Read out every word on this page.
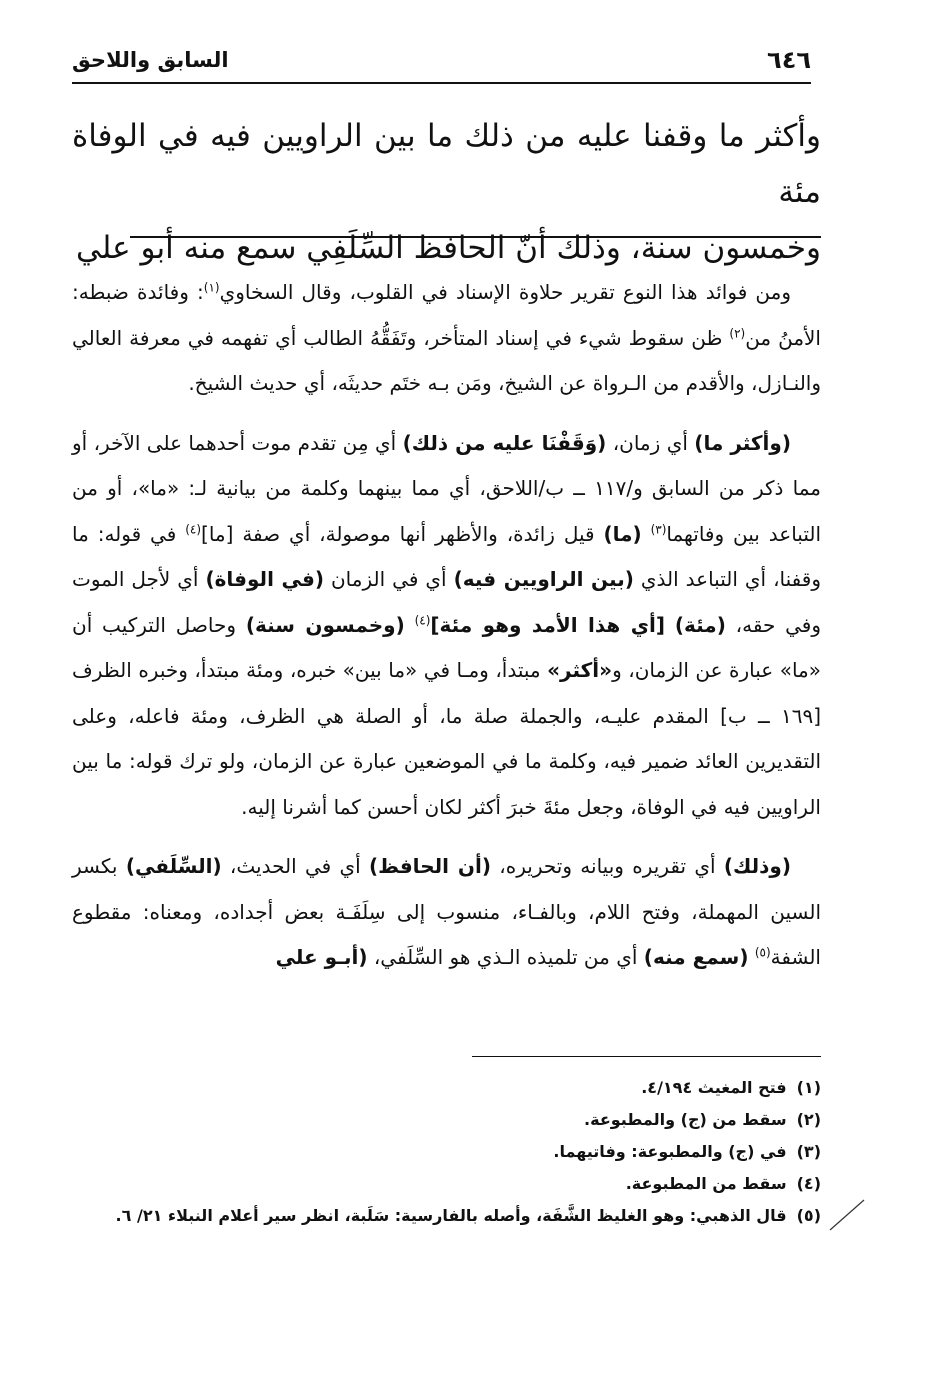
٦٤٦
السابق واللاحق

وأكثر ما وقفنا عليه من ذلك ما بين الراويين فيه في الوفاة مئة

وخمسون سنة، وذلك أنّ الحافظ السِّلَفِي سمع منه أبو علي

ومن فوائد هذا النوع تقرير حلاوة الإسناد في القلوب، وقال السخاوي$^{(١)}$: وفائدة ضبطه: الأمنُ من$^{(٢)}$ ظن سقوط شيء في إسناد المتأخر، وتَفَقُّهُ الطالب أي تفهمه في معرفة العالي والنـازل، والأقدم من الـرواة عن الشيخ، ومَن بـه ختَم حديثَه، أي حديث الشيخ.

(وأكثر ما) أي زمان، (وَقَفْنَا عليه من ذلك) أي مِن تقدم موت أحدهما على الآخر، أو مما ذكر من السابق و/١١٧ ــ ب/اللاحق، أي مما بينهما وكلمة من بيانية لـ: «ما»، أو من التباعد بين وفاتهما$^{(٣)}$ (ما) قيل زائدة، والأظهر أنها موصولة، أي صفة [ما]$^{(٤)}$ في قوله: ما وقفنا، أي التباعد الذي (بين الراويين فيه) أي في الزمان (في الوفاة) أي لأجل الموت وفي حقه، (مئة) [أي هذا الأمد وهو مئة]$^{(٤)}$ (وخمسون سنة) وحاصل التركيب أن «ما» عبارة عن الزمان، و«أكثر» مبتدأ، ومـا في «ما بين» خبره، ومئة مبتدأ، وخبره الظرف [١٦٩ ــ ب] المقدم عليـه، والجملة صلة ما، أو الصلة هي الظرف، ومئة فاعله، وعلى التقديرين العائد ضمير فيه، وكلمة ما في الموضعين عبارة عن الزمان، ولو ترك قوله: ما بين الراويين فيه في الوفاة، وجعل مئةَ خبرَ أكثر لكان أحسن كما أشرنا إليه.

(وذلك) أي تقريره وبيانه وتحريره، (أن الحافظ) أي في الحديث، (السِّلَفي) بكسر السين المهملة، وفتح اللام، وبالفـاء، منسوب إلى سِلَفَـة بعض أجداده، ومعناه: مقطوع الشفة$^{(٥)}$ (سمع منه) أي من تلميذه الـذي هو السِّلَفي، (أبـو علي

(١)فتح المغيث ٤/١٩٤.

(٢)سقط من (ج) والمطبوعة.

(٣)في (ج) والمطبوعة: وفاتيهما.

(٤)سقط من المطبوعة.

(٥)قال الذهبي: وهو الغليظ الشَّفَة، وأصله بالفارسية: سَلَبة، انظر سير أعلام النبلاء ٢١/ ٦.
